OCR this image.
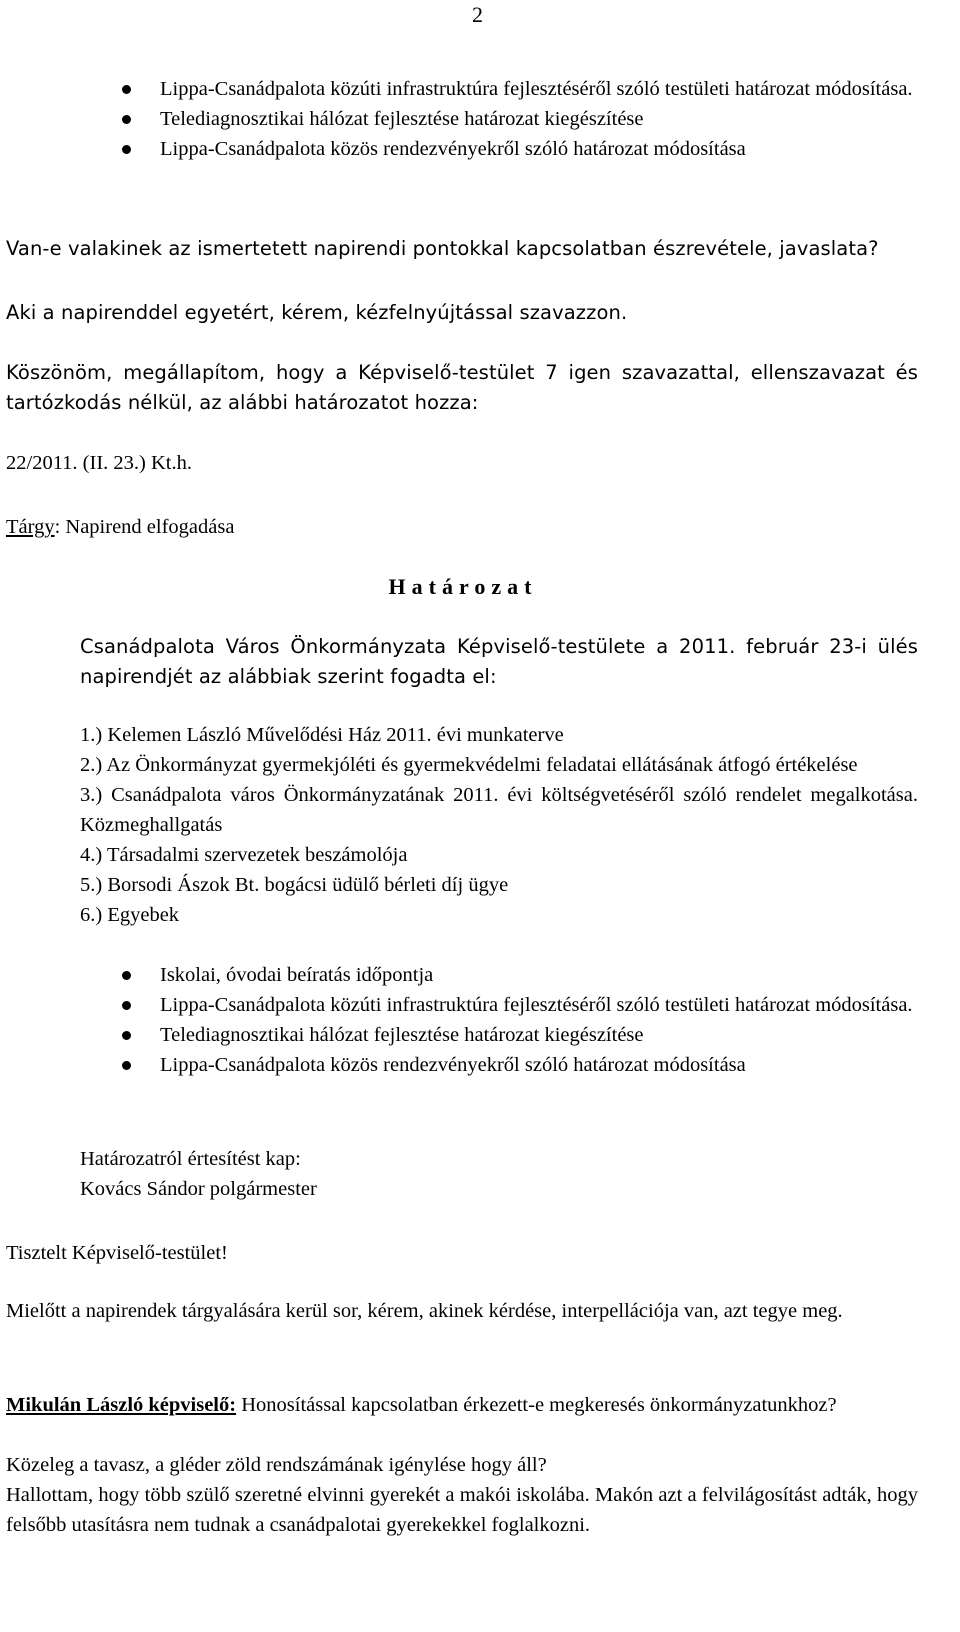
2
Lippa-Csanádpalota közúti infrastruktúra fejlesztéséről szóló testületi határozat módosítása.
Telediagnosztikai hálózat fejlesztése határozat kiegészítése
Lippa-Csanádpalota közös rendezvényekről szóló határozat módosítása
Van-e valakinek az ismertetett napirendi pontokkal kapcsolatban észrevétele, javaslata?
Aki a napirenddel egyetért, kérem, kézfelnyújtással szavazzon.
Köszönöm, megállapítom, hogy a Képviselő-testület 7 igen szavazattal, ellenszavazat és tartózkodás nélkül, az alábbi határozatot hozza:
22/2011. (II. 23.) Kt.h.
Tárgy: Napirend elfogadása
Határozat
Csanádpalota Város Önkormányzata Képviselő-testülete a 2011. február 23-i ülés napirendjét az alábbiak szerint fogadta el:
1.) Kelemen László Művelődési Ház 2011. évi munkaterve
2.) Az Önkormányzat gyermekjóléti és gyermekvédelmi feladatai ellátásának átfogó értékelése
3.) Csanádpalota város Önkormányzatának 2011. évi költségvetéséről szóló rendelet megalkotása. Közmeghallgatás
4.) Társadalmi szervezetek beszámolója
5.) Borsodi Ászok Bt. bogácsi üdülő bérleti díj ügye
6.) Egyebek
Iskolai, óvodai beíratás időpontja
Lippa-Csanádpalota közúti infrastruktúra fejlesztéséről szóló testületi határozat módosítása.
Telediagnosztikai hálózat fejlesztése határozat kiegészítése
Lippa-Csanádpalota közös rendezvényekről szóló határozat módosítása
Határozatról értesítést kap:
Kovács Sándor polgármester
Tisztelt Képviselő-testület!
Mielőtt a napirendek tárgyalására kerül sor, kérem, akinek kérdése, interpellációja van, azt tegye meg.
Mikulán László képviselő: Honosítással kapcsolatban érkezett-e megkeresés önkormányzatunkhoz?
Közeleg a tavasz, a gléder zöld rendszámának igénylése hogy áll?
Hallottam, hogy több szülő szeretné elvinni gyerekét a makói iskolába. Makón azt a felvilágosítást adták, hogy felsőbb utasításra nem tudnak a csanádpalotai gyerekekkel foglalkozni.
